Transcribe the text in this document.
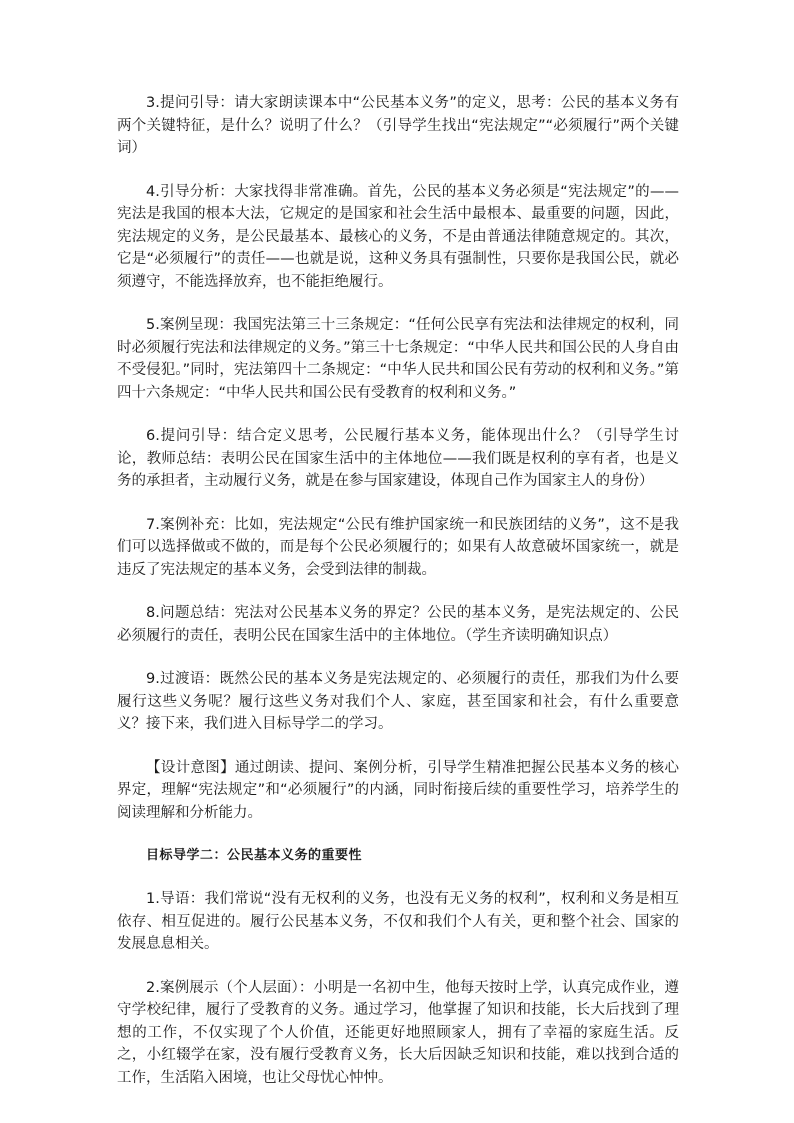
3.提问引导：请大家朗读课本中“公民基本义务”的定义，思考：公民的基本义务有两个关键特征，是什么？说明了什么？（引导学生找出“宪法规定”“必须履行”两个关键词）

4.引导分析：大家找得非常准确。首先，公民的基本义务必须是“宪法规定”的——宪法是我国的根本大法，它规定的是国家和社会生活中最根本、最重要的问题，因此，宪法规定的义务，是公民最基本、最核心的义务，不是由普通法律随意规定的。其次，它是“必须履行”的责任——也就是说，这种义务具有强制性，只要你是我国公民，就必须遵守，不能选择放弃，也不能拒绝履行。

5.案例呈现：我国宪法第三十三条规定：“任何公民享有宪法和法律规定的权利，同时必须履行宪法和法律规定的义务。”第三十七条规定：“中华人民共和国公民的人身自由不受侵犯。”同时，宪法第四十二条规定：“中华人民共和国公民有劳动的权利和义务。”第四十六条规定：“中华人民共和国公民有受教育的权利和义务。”

6.提问引导：结合定义思考，公民履行基本义务，能体现出什么？（引导学生讨论，教师总结：表明公民在国家生活中的主体地位——我们既是权利的享有者，也是义务的承担者，主动履行义务，就是在参与国家建设，体现自己作为国家主人的身份）

7.案例补充：比如，宪法规定“公民有维护国家统一和民族团结的义务”，这不是我们可以选择做或不做的，而是每个公民必须履行的；如果有人故意破坏国家统一，就是违反了宪法规定的基本义务，会受到法律的制裁。

8.问题总结：宪法对公民基本义务的界定？公民的基本义务，是宪法规定的、公民必须履行的责任，表明公民在国家生活中的主体地位。（学生齐读明确知识点）

9.过渡语：既然公民的基本义务是宪法规定的、必须履行的责任，那我们为什么要履行这些义务呢？履行这些义务对我们个人、家庭，甚至国家和社会，有什么重要意义？接下来，我们进入目标导学二的学习。

【设计意图】通过朗读、提问、案例分析，引导学生精准把握公民基本义务的核心界定，理解“宪法规定”和“必须履行”的内涵，同时衔接后续的重要性学习，培养学生的阅读理解和分析能力。

目标导学二：公民基本义务的重要性

1.导语：我们常说“没有无权利的义务，也没有无义务的权利”，权利和义务是相互依存、相互促进的。履行公民基本义务，不仅和我们个人有关，更和整个社会、国家的发展息息相关。

2.案例展示（个人层面）：小明是一名初中生，他每天按时上学，认真完成作业，遵守学校纪律，履行了受教育的义务。通过学习，他掌握了知识和技能，长大后找到了理想的工作，不仅实现了个人价值，还能更好地照顾家人，拥有了幸福的家庭生活。反之，小红辍学在家，没有履行受教育义务，长大后因缺乏知识和技能，难以找到合适的工作，生活陷入困境，也让父母忧心忡忡。
